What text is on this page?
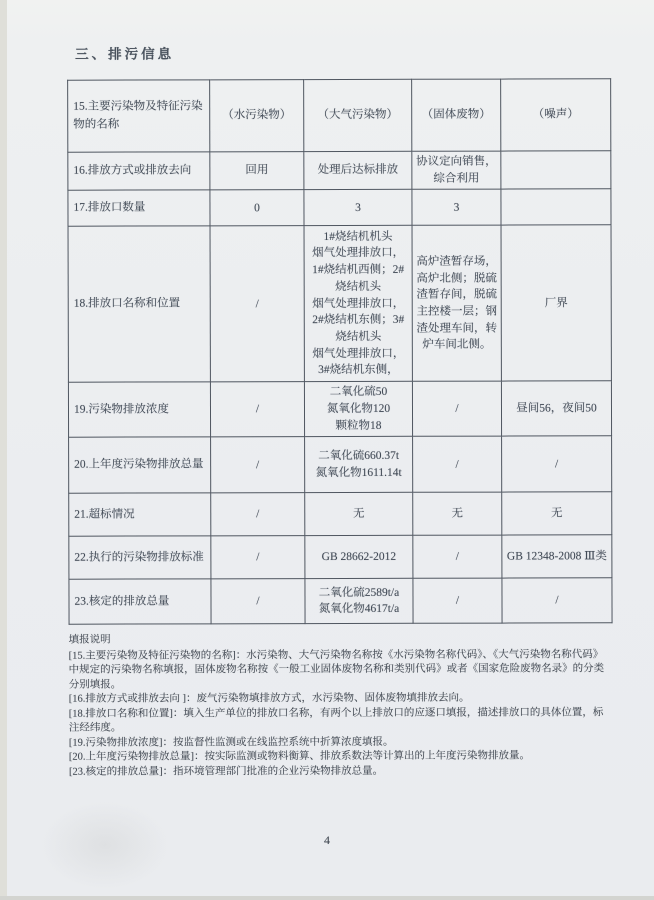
三、排污信息

15.主要污染物及特征污染物的名称	（水污染物）	（大气污染物）	（固体废物）	（噪声）
16.排放方式或排放去向	回用	处理后达标排放	协议定向销售，
综合利用	
17.排放口数量	0	3	3	
18.排放口名称和位置	/	1#烧结机机头
烟气处理排放口，
1#烧结机西侧；2#
烧结机头
烟气处理排放口，
2#烧结机东侧；3#
烧结机头
烟气处理排放口，
3#烧结机东侧，	高炉渣暂存场，
高炉北侧；脱硫
渣暂存间，脱硫
主控楼一层；钢
渣处理车间，转
炉车间北侧。	厂界
19.污染物排放浓度	/	二氧化硫50
氮氧化物120
颗粒物18	/	昼间56，夜间50
20.上年度污染物排放总量	/	二氧化硫660.37t
氮氧化物1611.14t	/	/
21.超标情况	/	无	无	无
22.执行的污染物排放标准	/	GB 28662-2012	/	GB 12348-2008 Ⅲ类
23.核定的排放总量	/	二氧化硫2589t/a
氮氧化物4617t/a	/	/

填报说明

[15.主要污染物及特征污染物的名称]：水污染物、大气污染物名称按《水污染物名称代码》、《大气污染物名称代码》中规定的污染物名称填报，固体废物名称按《一般工业固体废物名称和类别代码》或者《国家危险废物名录》的分类分别填报。

[16.排放方式或排放去向 ]：废气污染物填排放方式，水污染物、固体废物填排放去向。

[18.排放口名称和位置]：填入生产单位的排放口名称，有两个以上排放口的应逐口填报，描述排放口的具体位置，标注经纬度。

[19.污染物排放浓度]：按监督性监测或在线监控系统中折算浓度填报。

[20.上年度污染物排放总量]：按实际监测或物料衡算、排放系数法等计算出的上年度污染物排放量。

[23.核定的排放总量]：指环境管理部门批准的企业污染物排放总量。

4
